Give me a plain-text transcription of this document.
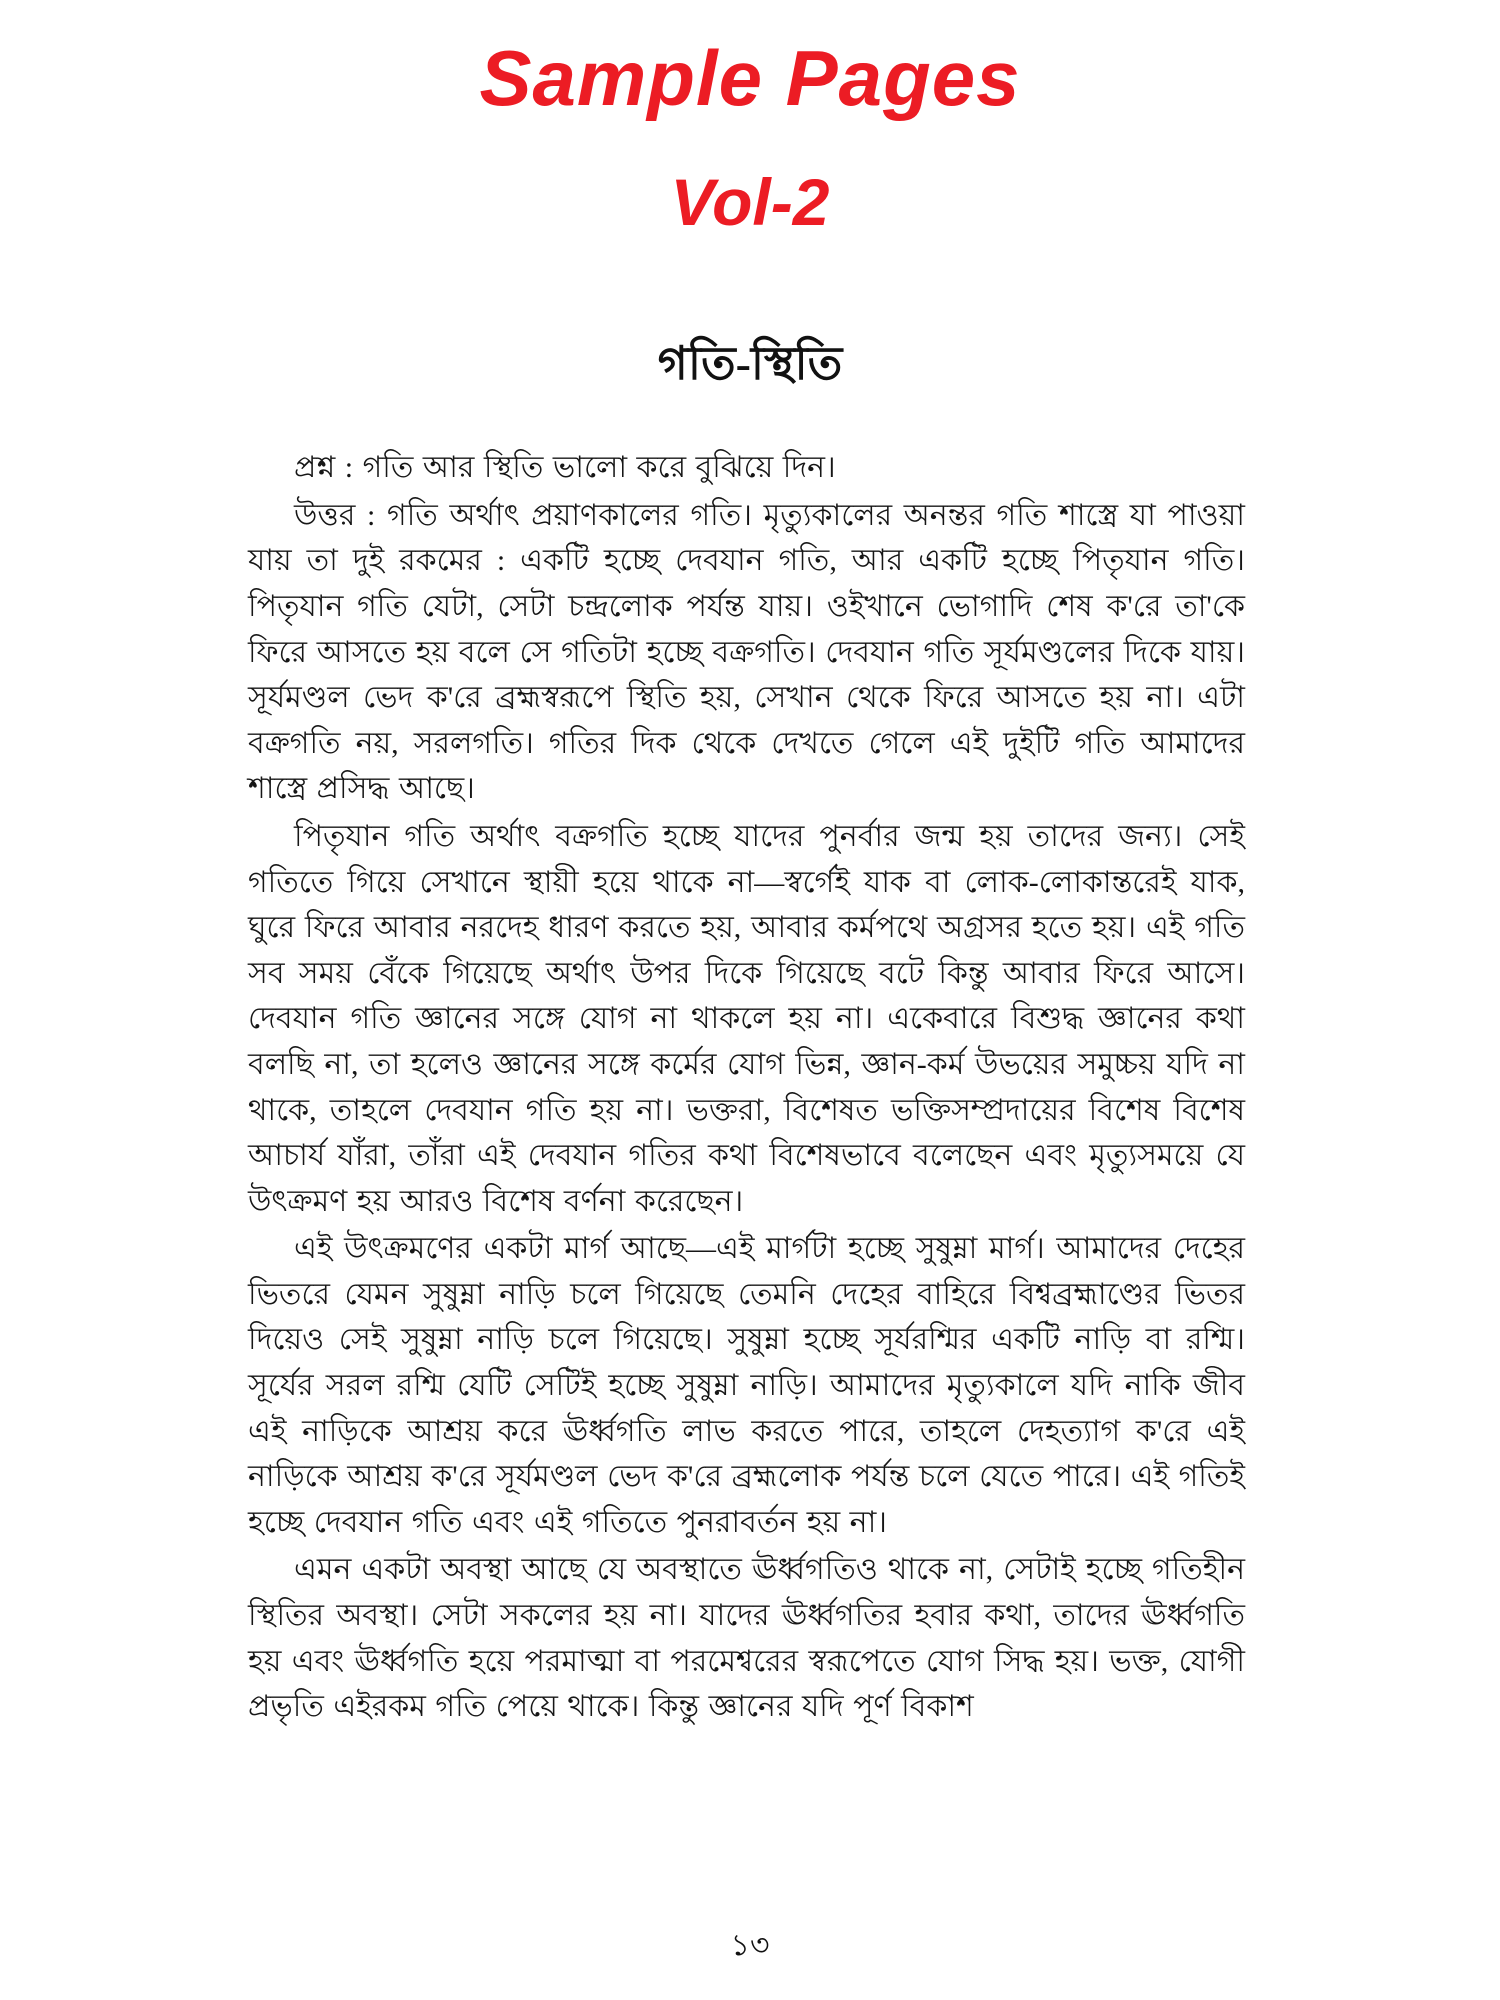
Sample Pages
Vol-2
গতি-স্থিতি

প্রশ্ন : গতি আর স্থিতি ভালো করে বুঝিয়ে দিন।

উত্তর : গতি অর্থাৎ প্রয়াণকালের গতি। মৃত্যুকালের অনন্তর গতি শাস্ত্রে যা পাওয়া যায় তা দুই রকমের : একটি হচ্ছে দেবযান গতি, আর একটি হচ্ছে পিতৃযান গতি। পিতৃযান গতি যেটা, সেটা চন্দ্রলোক পর্যন্ত যায়। ওইখানে ভোগাদি শেষ ক'রে তা'কে ফিরে আসতে হয় বলে সে গতিটা হচ্ছে বক্রগতি। দেবযান গতি সূর্যমণ্ডলের দিকে যায়। সূর্যমণ্ডল ভেদ ক'রে ব্রহ্মস্বরূপে স্থিতি হয়, সেখান থেকে ফিরে আসতে হয় না। এটা বক্রগতি নয়, সরলগতি। গতির দিক থেকে দেখতে গেলে এই দুইটি গতি আমাদের শাস্ত্রে প্রসিদ্ধ আছে।

পিতৃযান গতি অর্থাৎ বক্রগতি হচ্ছে যাদের পুনর্বার জন্ম হয় তাদের জন্য। সেই গতিতে গিয়ে সেখানে স্থায়ী হয়ে থাকে না—স্বর্গেই যাক বা লোক-লোকান্তরেই যাক, ঘুরে ফিরে আবার নরদেহ ধারণ করতে হয়, আবার কর্মপথে অগ্রসর হতে হয়। এই গতি সব সময় বেঁকে গিয়েছে অর্থাৎ উপর দিকে গিয়েছে বটে কিন্তু আবার ফিরে আসে। দেবযান গতি জ্ঞানের সঙ্গে যোগ না থাকলে হয় না। একেবারে বিশুদ্ধ জ্ঞানের কথা বলছি না, তা হলেও জ্ঞানের সঙ্গে কর্মের যোগ ভিন্ন, জ্ঞান-কর্ম উভয়ের সমুচ্চয় যদি না থাকে, তাহলে দেবযান গতি হয় না। ভক্তরা, বিশেষত ভক্তিসম্প্রদায়ের বিশেষ বিশেষ আচার্য যাঁরা, তাঁরা এই দেবযান গতির কথা বিশেষভাবে বলেছেন এবং মৃত্যুসময়ে যে উৎক্রমণ হয় আরও বিশেষ বর্ণনা করেছেন।

এই উৎক্রমণের একটা মার্গ আছে—এই মার্গটা হচ্ছে সুষুম্না মার্গ। আমাদের দেহের ভিতরে যেমন সুষুম্না নাড়ি চলে গিয়েছে তেমনি দেহের বাহিরে বিশ্বব্রহ্মাণ্ডের ভিতর দিয়েও সেই সুষুম্না নাড়ি চলে গিয়েছে। সুষুম্না হচ্ছে সূর্যরশ্মির একটি নাড়ি বা রশ্মি। সূর্যের সরল রশ্মি যেটি সেটিই হচ্ছে সুষুম্না নাড়ি। আমাদের মৃত্যুকালে যদি নাকি জীব এই নাড়িকে আশ্রয় করে ঊর্ধ্বগতি লাভ করতে পারে, তাহলে দেহত্যাগ ক'রে এই নাড়িকে আশ্রয় ক'রে সূর্যমণ্ডল ভেদ ক'রে ব্রহ্মলোক পর্যন্ত চলে যেতে পারে। এই গতিই হচ্ছে দেবযান গতি এবং এই গতিতে পুনরাবর্তন হয় না।

এমন একটা অবস্থা আছে যে অবস্থাতে ঊর্ধ্বগতিও থাকে না, সেটাই হচ্ছে গতিহীন স্থিতির অবস্থা। সেটা সকলের হয় না। যাদের ঊর্ধ্বগতির হবার কথা, তাদের ঊর্ধ্বগতি হয় এবং ঊর্ধ্বগতি হয়ে পরমাত্মা বা পরমেশ্বরের স্বরূপেতে যোগ সিদ্ধ হয়। ভক্ত, যোগী প্রভৃতি এইরকম গতি পেয়ে থাকে। কিন্তু জ্ঞানের যদি পূর্ণ বিকাশ

১৩
